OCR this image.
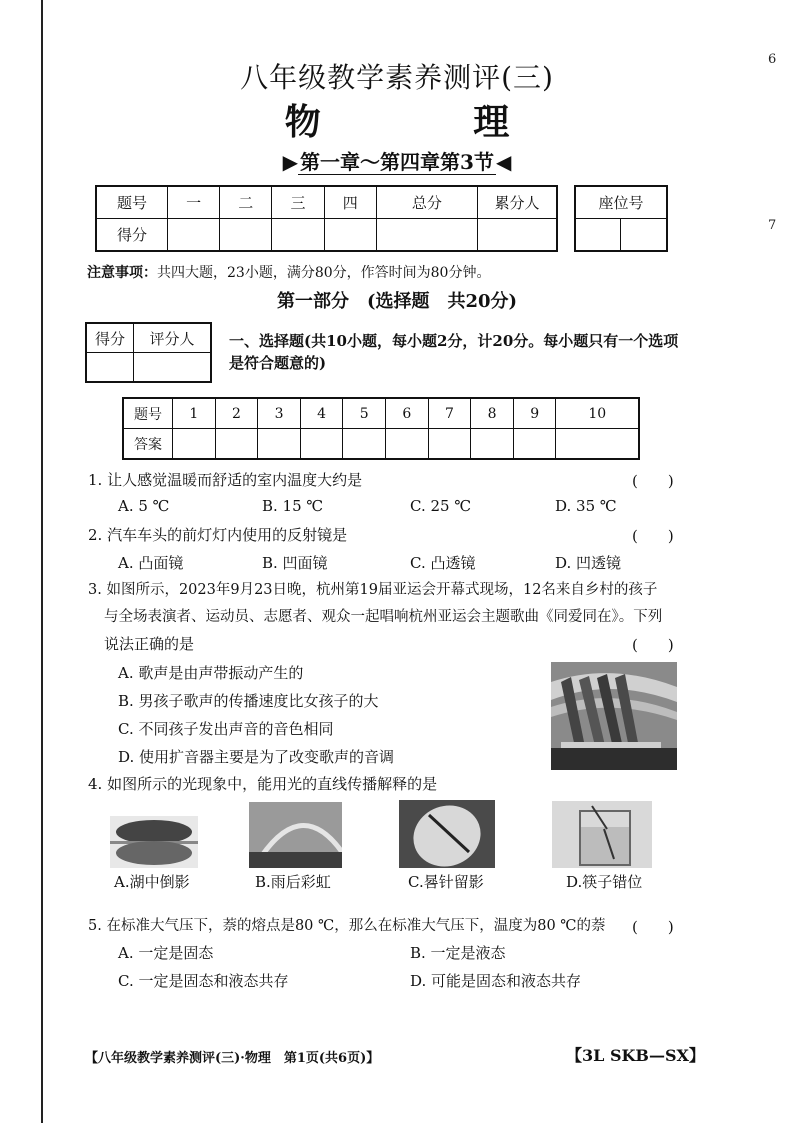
6
7
八年级教学素养测评(三)
物 理
▶ 第一章～第四章第3节 ◀
题号	一	二	三	四	总分	累分人
得分						
座位号

注意事项：共四大题，23小题，满分80分，作答时间为80分钟。
第一部分　(选择题　共20分)
得分	评分人
	一、选择题(共10小题，每小题2分，计20分。每小题只有一个选项是符合题意的)
题号	1	2	3	4	5	6	7	8	9	10
答案										
1. 让人感觉温暖而舒适的室内温度大约是	(　　)
A. 5 ℃	B. 15 ℃	C. 25 ℃	D. 35 ℃
2. 汽车车头的前灯灯内使用的反射镜是	(　　)
A. 凸面镜	B. 凹面镜	C. 凸透镜	D. 凹透镜
3. 如图所示，2023年9月23日晚，杭州第19届亚运会开幕式现场，12名来自乡村的孩子
与全场表演者、运动员、志愿者、观众一起唱响杭州亚运会主题歌曲《同爱同在》。下列
说法正确的是	(　　)
A. 歌声是由声带振动产生的
B. 男孩子歌声的传播速度比女孩子的大
C. 不同孩子发出声音的音色相同
D. 使用扩音器主要是为了改变歌声的音调
4. 如图所示的光现象中，能用光的直线传播解释的是
A.湖中倒影	B.雨后彩虹	C.晷针留影	D.筷子错位
5. 在标准大气压下，萘的熔点是80 ℃，那么在标准大气压下，温度为80 ℃的萘 (　　)
A. 一定是固态	B. 一定是液态
C. 一定是固态和液态共存	D. 可能是固态和液态共存
【八年级教学素养测评(三)·物理　第1页(共6页)】	【3L SKB—SX】
